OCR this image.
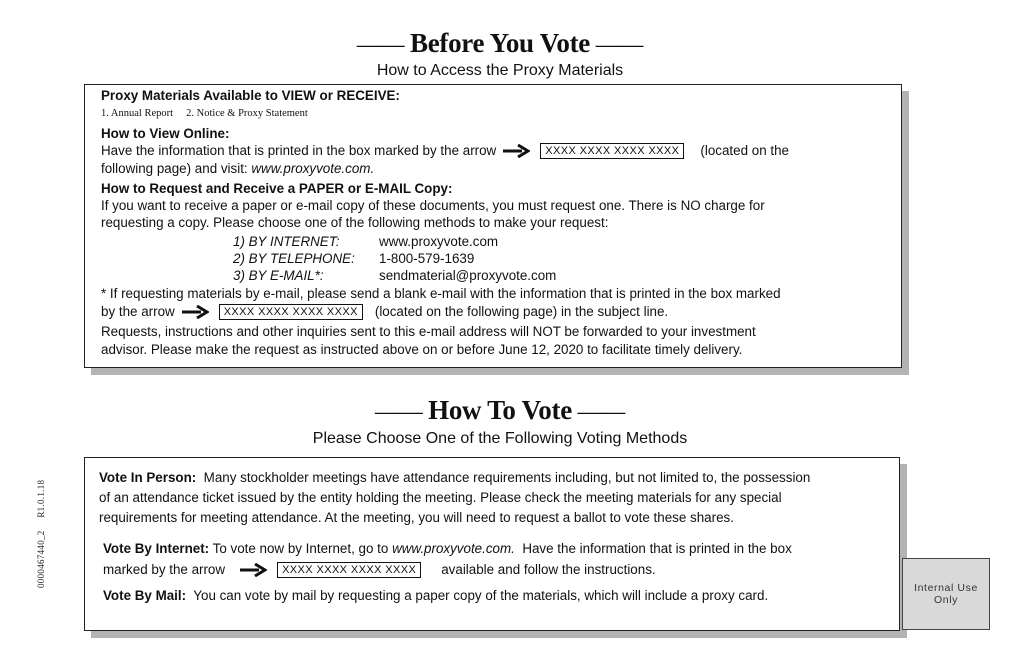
—— Before You Vote ——
How to Access the Proxy Materials
Proxy Materials Available to VIEW or RECEIVE:
1. Annual Report     2. Notice & Proxy Statement
How to View Online:
Have the information that is printed in the box marked by the arrow	XXXX XXXX XXXX XXXX (located on the
following page) and visit: www.proxyvote.com.
How to Request and Receive a PAPER or E-MAIL Copy:
If you want to receive a paper or e-mail copy of these documents, you must request one. There is NO charge for
requesting a copy. Please choose one of the following methods to make your request:
1) BY INTERNET:	www.proxyvote.com
2) BY TELEPHONE: 1-800-579-1639
3) BY E-MAIL*:	sendmaterial@proxyvote.com
* If requesting materials by e-mail, please send a blank e-mail with the information that is printed in the box marked
by the arrow	XXXX XXXX XXXX XXXX (located on the following page) in the subject line.
Requests, instructions and other inquiries sent to this e-mail address will NOT be forwarded to your investment
advisor. Please make the request as instructed above on or before June 12, 2020 to facilitate timely delivery.
—— How To Vote ——
Please Choose One of the Following Voting Methods
Vote In Person: Many stockholder meetings have attendance requirements including, but not limited to, the possession
of an attendance ticket issued by the entity holding the meeting. Please check the meeting materials for any special
requirements for meeting attendance. At the meeting, you will need to request a ballot to vote these shares.
Vote By Internet: To vote now by Internet, go to www.proxyvote.com. Have the information that is printed in the box
marked by the arrow	XXXX XXXX XXXX XXXX available and follow the instructions.
Vote By Mail: You can vote by mail by requesting a paper copy of the materials, which will include a proxy card.	Internal Use
Only
0000467440_2     R1.0.1.18
